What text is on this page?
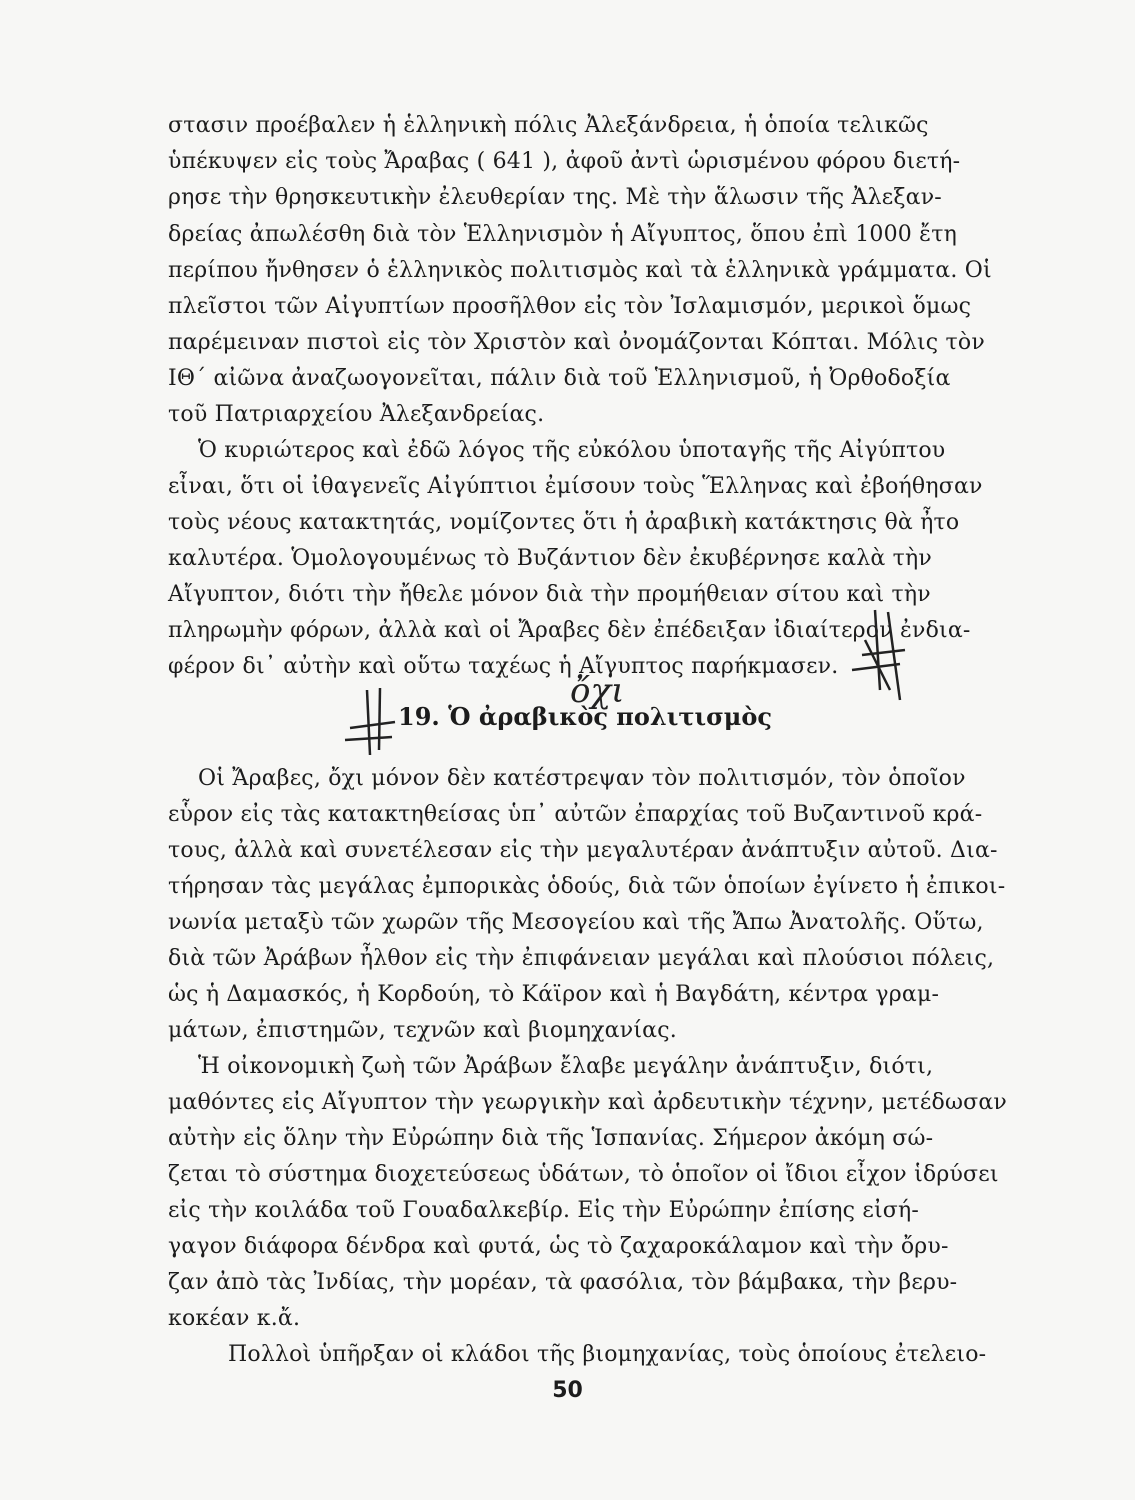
στασιν προέβαλεν ἡ ἑλληνικὴ πόλις Ἀλεξάνδρεια, ἡ ὁποία τελικῶς
ὑπέκυψεν εἰς τοὺς Ἄραβας ( 641 ), ἀφοῦ ἀντὶ ὡρισμένου φόρου διετή-
ρησε τὴν θρησκευτικὴν ἐλευθερίαν της. Μὲ τὴν ἅλωσιν τῆς Ἀλεξαν-
δρείας ἀπωλέσθη διὰ τὸν Ἑλληνισμὸν ἡ Αἴγυπτος, ὅπου ἐπὶ 1000 ἔτη
περίπου ἤνθησεν ὁ ἑλληνικὸς πολιτισμὸς καὶ τὰ ἑλληνικὰ γράμματα. Οἱ
πλεῖστοι τῶν Αἰγυπτίων προσῆλθον εἰς τὸν Ἰσλαμισμόν, μερικοὶ ὅμως
παρέμειναν πιστοὶ εἰς τὸν Χριστὸν καὶ ὀνομάζονται Κόπται. Μόλις τὸν
ΙΘ΄ αἰῶνα ἀναζωογονεῖται, πάλιν διὰ τοῦ Ἑλληνισμοῦ, ἡ Ὀρθοδοξία
τοῦ Πατριαρχείου Ἀλεξανδρείας.
Ὁ κυριώτερος καὶ ἐδῶ λόγος τῆς εὐκόλου ὑποταγῆς τῆς Αἰγύπτου
εἶναι, ὅτι οἱ ἰθαγενεῖς Αἰγύπτιοι ἐμίσουν τοὺς Ἕλληνας καὶ ἐβοήθησαν
τοὺς νέους κατακτητάς, νομίζοντες ὅτι ἡ ἀραβικὴ κατάκτησις θὰ ἦτο
καλυτέρα. Ὁμολογουμένως τὸ Βυζάντιον δὲν ἐκυβέρνησε καλὰ τὴν
Αἴγυπτον, διότι τὴν ἤθελε μόνον διὰ τὴν προμήθειαν σίτου καὶ τὴν
πληρωμὴν φόρων, ἀλλὰ καὶ οἱ Ἄραβες δὲν ἐπέδειξαν ἰδιαίτερον ἐνδια-
φέρον δι᾽ αὐτὴν καὶ οὕτω ταχέως ἡ Αἴγυπτος παρήκμασεν.
19. Ὁ ἀραβικὸς πολιτισμὸς
Οἱ Ἄραβες, ὄχι μόνον δὲν κατέστρεψαν τὸν πολιτισμόν, τὸν ὁποῖον
εὗρον εἰς τὰς κατακτηθείσας ὑπ᾽ αὐτῶν ἐπαρχίας τοῦ Βυζαντινοῦ κρά-
τους, ἀλλὰ καὶ συνετέλεσαν εἰς τὴν μεγαλυτέραν ἀνάπτυξιν αὐτοῦ. Δια-
τήρησαν τὰς μεγάλας ἐμπορικὰς ὁδούς, διὰ τῶν ὁποίων ἐγίνετο ἡ ἐπικοι-
νωνία μεταξὺ τῶν χωρῶν τῆς Μεσογείου καὶ τῆς Ἄπω Ἀνατολῆς. Οὕτω,
διὰ τῶν Ἀράβων ἦλθον εἰς τὴν ἐπιφάνειαν μεγάλαι καὶ πλούσιοι πόλεις,
ὡς ἡ Δαμασκός, ἡ Κορδούη, τὸ Κάϊρον καὶ ἡ Βαγδάτη, κέντρα γραμ-
μάτων, ἐπιστημῶν, τεχνῶν καὶ βιομηχανίας.
Ἡ οἰκονομικὴ ζωὴ τῶν Ἀράβων ἔλαβε μεγάλην ἀνάπτυξιν, διότι,
μαθόντες εἰς Αἴγυπτον τὴν γεωργικὴν καὶ ἀρδευτικὴν τέχνην, μετέδωσαν
αὐτὴν εἰς ὅλην τὴν Εὐρώπην διὰ τῆς Ἱσπανίας. Σήμερον ἀκόμη σώ-
ζεται τὸ σύστημα διοχετεύσεως ὑδάτων, τὸ ὁποῖον οἱ ἴδιοι εἶχον ἱδρύσει
εἰς τὴν κοιλάδα τοῦ Γουαδαλκεβίρ. Εἰς τὴν Εὐρώπην ἐπίσης εἰσή-
γαγον διάφορα δένδρα καὶ φυτά, ὡς τὸ ζαχαροκάλαμον καὶ τὴν ὄρυ-
ζαν ἀπὸ τὰς Ἰνδίας, τὴν μορέαν, τὰ φασόλια, τὸν βάμβακα, τὴν βερυ-
κοκέαν κ.ἄ.
Πολλοὶ ὑπῆρξαν οἱ κλάδοι τῆς βιομηχανίας, τοὺς ὁποίους ἐτελειο-
50
ὄχι
